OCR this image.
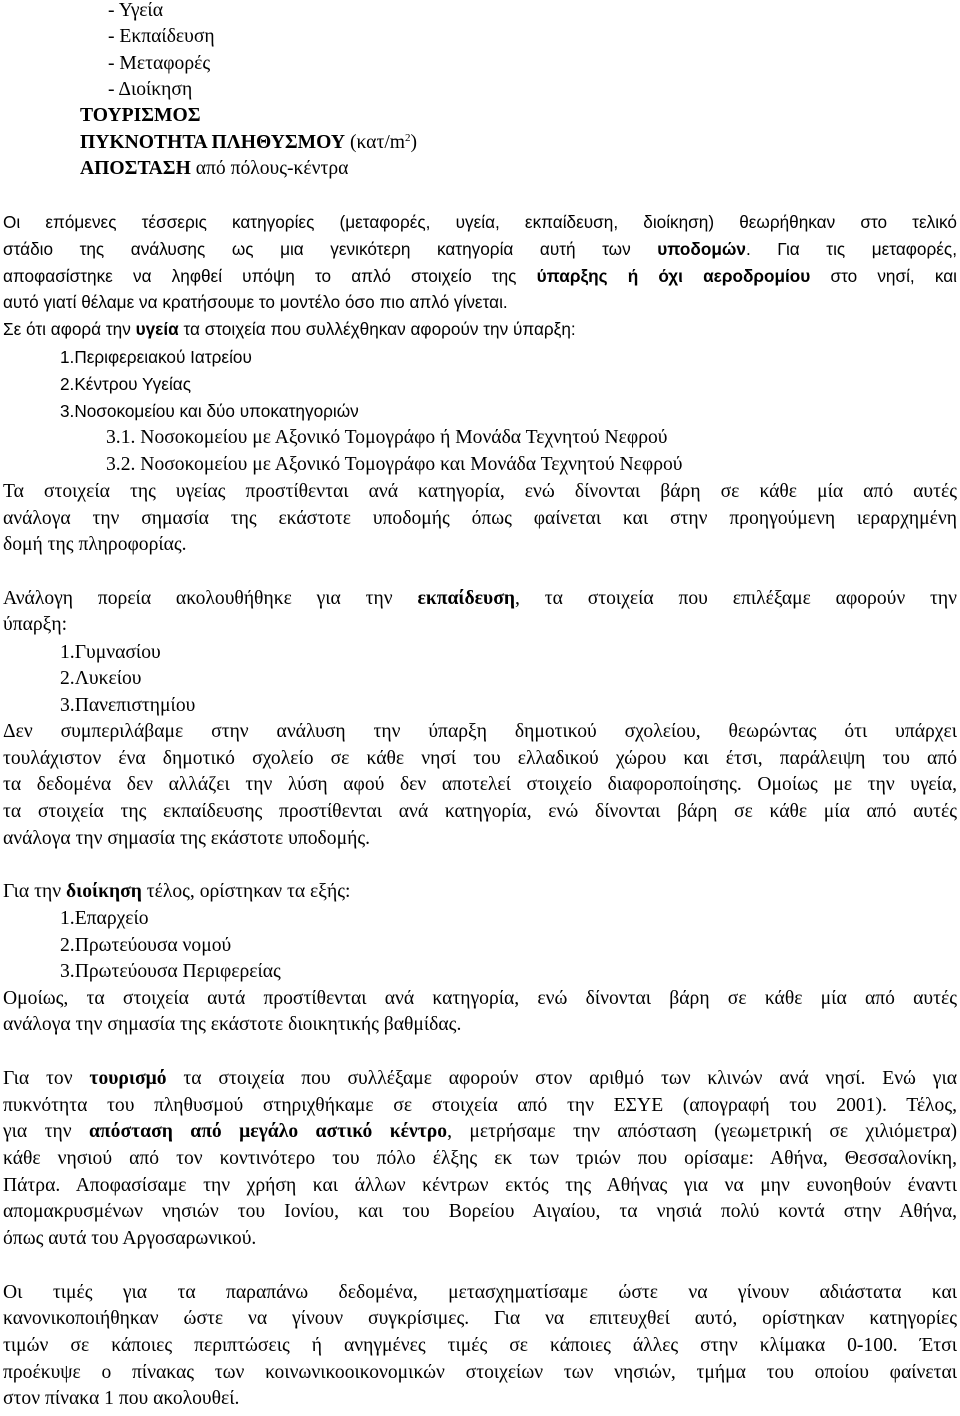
- Υγεία
- Εκπαίδευση
- Μεταφορές
- Διοίκηση
ΤΟΥΡΙΣΜΟΣ
ΠΥΚΝΟΤΗΤΑ ΠΛΗΘΥΣΜΟΥ $(\kappa\alpha\tau/m^2)$
ΑΠΟΣΤΑΣΗ από πόλους-κέντρα
Οι επόμενες τέσσερις κατηγορίες (μεταφορές, υγεία, εκπαίδευση, διοίκηση) θεωρήθηκαν στο τελικό
στάδιο της ανάλυσης ως μια γενικότερη κατηγορία αυτή των υποδομών. Για τις μεταφορές,
αποφασίστηκε να ληφθεί υπόψη το απλό στοιχείο της ύπαρξης ή όχι αεροδρομίου στο νησί, και
αυτό γιατί θέλαμε να κρατήσουμε το μοντέλο όσο πιο απλό γίνεται.
Σε ότι αφορά την υγεία τα στοιχεία που συλλέχθηκαν αφορούν την ύπαρξη:
1.Περιφερειακού Ιατρείου
2.Κέντρου Υγείας
3.Νοσοκομείου και δύο υποκατηγοριών
3.1. Νοσοκομείου με Αξονικό Τομογράφο ή Μονάδα Τεχνητού Νεφρού
3.2. Νοσοκομείου με Αξονικό Τομογράφο και Μονάδα Τεχνητού Νεφρού
Τα στοιχεία της υγείας προστίθενται ανά κατηγορία, ενώ δίνονται βάρη σε κάθε μία από αυτές
ανάλογα την σημασία της εκάστοτε υποδομής όπως φαίνεται και στην προηγούμενη ιεραρχημένη
δομή της πληροφορίας.
Ανάλογη πορεία ακολουθήθηκε για την εκπαίδευση, τα στοιχεία που επιλέξαμε αφορούν την
ύπαρξη:
1.Γυμνασίου
2.Λυκείου
3.Πανεπιστημίου
Δεν συμπεριλάβαμε στην ανάλυση την ύπαρξη δημοτικού σχολείου, θεωρώντας ότι υπάρχει
τουλάχιστον ένα δημοτικό σχολείο σε κάθε νησί του ελλαδικού χώρου και έτσι, παράλειψη του από
τα δεδομένα δεν αλλάζει την λύση αφού δεν αποτελεί στοιχείο διαφοροποίησης. Ομοίως με την υγεία,
τα στοιχεία της εκπαίδευσης προστίθενται ανά κατηγορία, ενώ δίνονται βάρη σε κάθε μία από αυτές
ανάλογα την σημασία της εκάστοτε υποδομής.
Για την διοίκηση τέλος, ορίστηκαν τα εξής:
1.Επαρχείο
2.Πρωτεύουσα νομού
3.Πρωτεύουσα Περιφερείας
Ομοίως, τα στοιχεία αυτά προστίθενται ανά κατηγορία, ενώ δίνονται βάρη σε κάθε μία από αυτές
ανάλογα την σημασία της εκάστοτε διοικητικής βαθμίδας.
Για τον τουρισμό τα στοιχεία που συλλέξαμε αφορούν στον αριθμό των κλινών ανά νησί. Ενώ για
πυκνότητα του πληθυσμού στηριχθήκαμε σε στοιχεία από την ΕΣΥΕ (απογραφή του 2001). Τέλος,
για την απόσταση από μεγάλο αστικό κέντρο, μετρήσαμε την απόσταση (γεωμετρική σε χιλιόμετρα)
κάθε νησιού από τον κοντινότερο του πόλο έλξης εκ των τριών που ορίσαμε: Αθήνα, Θεσσαλονίκη,
Πάτρα. Αποφασίσαμε την χρήση και άλλων κέντρων εκτός της Αθήνας για να μην ευνοηθούν έναντι
απομακρυσμένων νησιών του Ιονίου, και του Βορείου Αιγαίου, τα νησιά πολύ κοντά στην Αθήνα,
όπως αυτά του Αργοσαρωνικού.
Οι τιμές για τα παραπάνω δεδομένα, μετασχηματίσαμε ώστε να γίνουν αδιάστατα και
κανονικοποιήθηκαν ώστε να γίνουν συγκρίσιμες. Για να επιτευχθεί αυτό, ορίστηκαν κατηγορίες
τιμών σε κάποιες περιπτώσεις ή ανηγμένες τιμές σε κάποιες άλλες στην κλίμακα 0-100. Έτσι
προέκυψε ο πίνακας των κοινωνικοοικονομικών στοιχείων των νησιών, τμήμα του οποίου φαίνεται
στον πίνακα 1 που ακολουθεί.
